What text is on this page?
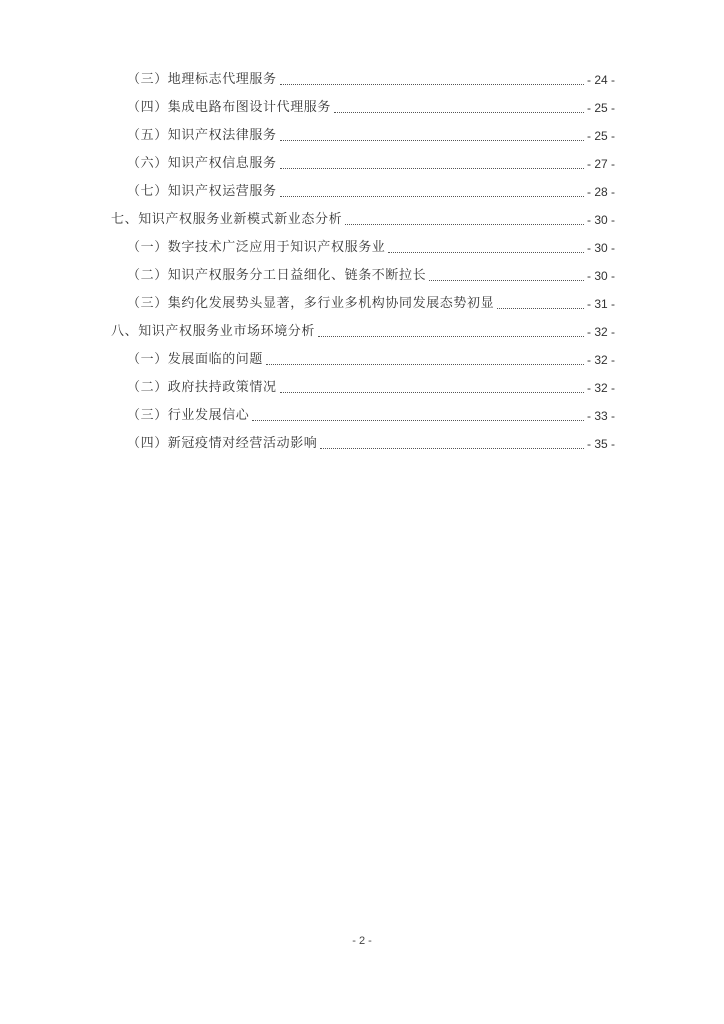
（三）地理标志代理服务	- 24 -
（四）集成电路布图设计代理服务	- 25 -
（五）知识产权法律服务	- 25 -
（六）知识产权信息服务	- 27 -
（七）知识产权运营服务	- 28 -
七、知识产权服务业新模式新业态分析	- 30 -
（一）数字技术广泛应用于知识产权服务业	- 30 -
（二）知识产权服务分工日益细化、链条不断拉长	- 30 -
（三）集约化发展势头显著，多行业多机构协同发展态势初显	- 31 -
八、知识产权服务业市场环境分析	- 32 -
（一）发展面临的问题	- 32 -
（二）政府扶持政策情况	- 32 -
（三）行业发展信心	- 33 -
（四）新冠疫情对经营活动影响	- 35 -
- 2 -
